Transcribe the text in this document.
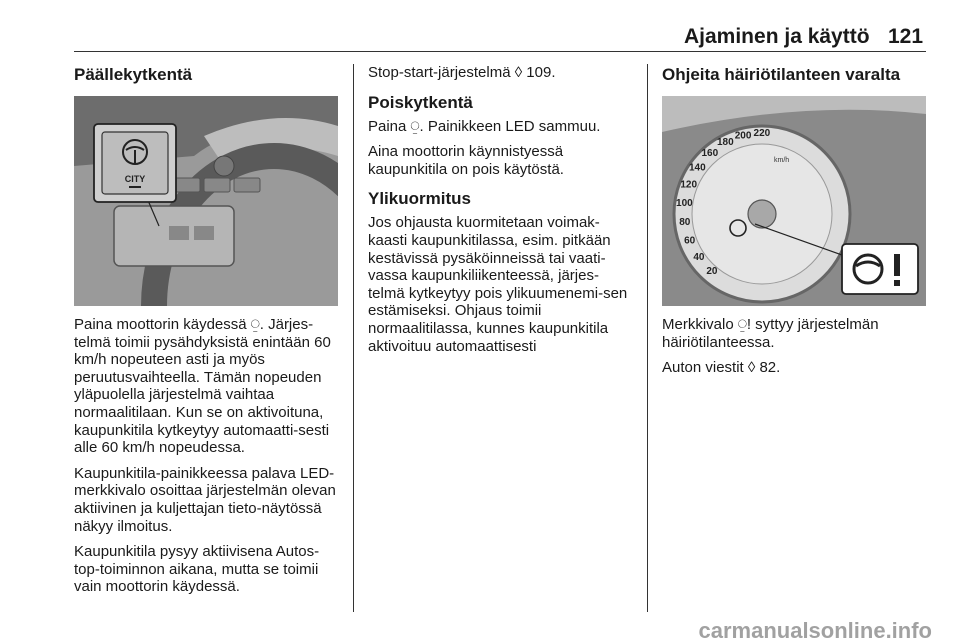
Ajaminen ja käyttö 121
Päällekytkentä
CITY

Paina moottorin käydessä ⍜. Järjes-telmä toimii pysähdyksistä enintään 60 km/h nopeuteen asti ja myös peruutusvaihteella. Tämän nopeuden yläpuolella järjestelmä vaihtaa normaalitilaan. Kun se on aktivoituna, kaupunkitila kytkeytyy automaatti-sesti alle 60 km/h nopeudessa.

Kaupunkitila-painikkeessa palava LED-merkkivalo osoittaa järjestelmän olevan aktiivinen ja kuljettajan tieto-näytössä näkyy ilmoitus.

Kaupunkitila pysyy aktiivisena Autos-top-toiminnon aikana, mutta se toimii vain moottorin käydessä.

Stop-start-järjestelmä ◊ 109.

Poiskytkentä

Paina ⍜. Painikkeen LED sammuu.

Aina moottorin käynnistyessä kaupunkitila on pois käytöstä.

Ylikuormitus

Jos ohjausta kuormitetaan voimak-kaasti kaupunkitilassa, esim. pitkään kestävissä pysäköinneissä tai vaati-vassa kaupunkiliikenteessä, järjes-telmä kytkeytyy pois ylikuumenemi-sen estämiseksi. Ohjaus toimii normaalitilassa, kunnes kaupunkitila aktivoituu automaattisesti

Ohjeita häiriötilanteen varalta
20
40
60
80
100
120
140
160
180
200 220
km/h

Merkkivalo ⍜! syttyy järjestelmän häiriötilanteessa.

Auton viestit ◊ 82.

carmanualsonline.info
